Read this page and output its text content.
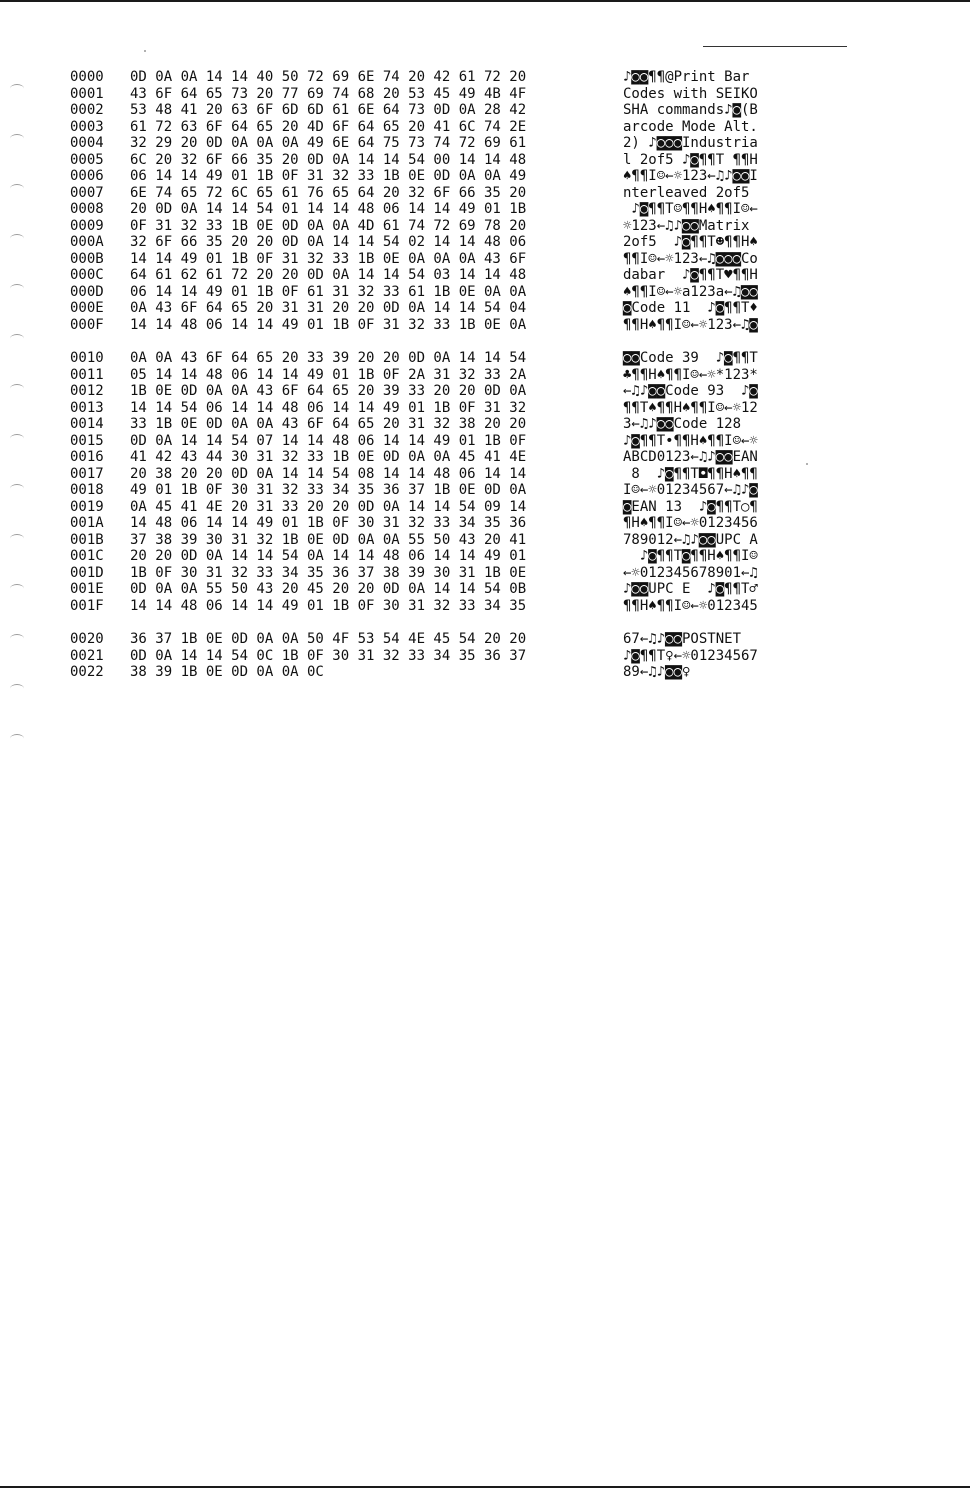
0000 0D 0A 0A 14 14 40 50 72 69 6E 74 20 42 61 72 20	♪◙◙¶¶@Print Bar
0001 43 6F 64 65 73 20 77 69 74 68 20 53 45 49 4B 4F	Codes with SEIKO
0002 53 48 41 20 63 6F 6D 6D 61 6E 64 73 0D 0A 28 42	SHA commands♪◙(B
0003 61 72 63 6F 64 65 20 4D 6F 64 65 20 41 6C 74 2E	arcode Mode Alt.
0004 32 29 20 0D 0A 0A 0A 49 6E 64 75 73 74 72 69 61	2) ♪◙◙◙Industria
0005 6C 20 32 6F 66 35 20 0D 0A 14 14 54 00 14 14 48	l 2of5 ♪◙¶¶T ¶¶H
0006 06 14 14 49 01 1B 0F 31 32 33 1B 0E 0D 0A 0A 49	♠¶¶I☺←☼123←♫♪◙◙I
0007 6E 74 65 72 6C 65 61 76 65 64 20 32 6F 66 35 20	nterleaved 2of5
0008 20 0D 0A 14 14 54 01 14 14 48 06 14 14 49 01 1B	♪◙¶¶T☺¶¶H♠¶¶I☺←
0009 0F 31 32 33 1B 0E 0D 0A 0A 4D 61 74 72 69 78 20	☼123←♫♪◙◙Matrix
000A 32 6F 66 35 20 20 0D 0A 14 14 54 02 14 14 48 06	2of5  ♪◙¶¶T☻¶¶H♠
000B 14 14 49 01 1B 0F 31 32 33 1B 0E 0A 0A 0A 43 6F	¶¶I☺←☼123←♫◙◙◙Co
000C 64 61 62 61 72 20 20 0D 0A 14 14 54 03 14 14 48	dabar  ♪◙¶¶T♥¶¶H
000D 06 14 14 49 01 1B 0F 61 31 32 33 61 1B 0E 0A 0A	♠¶¶I☺←☼a123a←♫◙◙
000E 0A 43 6F 64 65 20 31 31 20 20 0D 0A 14 14 54 04	◙Code 11  ♪◙¶¶T♦
000F 14 14 48 06 14 14 49 01 1B 0F 31 32 33 1B 0E 0A	¶¶H♠¶¶I☺←☼123←♫◙
0010 0A 0A 43 6F 64 65 20 33 39 20 20 0D 0A 14 14 54	◙◙Code 39  ♪◙¶¶T
0011 05 14 14 48 06 14 14 49 01 1B 0F 2A 31 32 33 2A	♣¶¶H♠¶¶I☺←☼*123*
0012 1B 0E 0D 0A 0A 43 6F 64 65 20 39 33 20 20 0D 0A	←♫♪◙◙Code 93  ♪◙
0013 14 14 54 06 14 14 48 06 14 14 49 01 1B 0F 31 32	¶¶T♠¶¶H♠¶¶I☺←☼12
0014 33 1B 0E 0D 0A 0A 43 6F 64 65 20 31 32 38 20 20	3←♫♪◙◙Code 128
0015 0D 0A 14 14 54 07 14 14 48 06 14 14 49 01 1B 0F	♪◙¶¶T•¶¶H♠¶¶I☺←☼
0016 41 42 43 44 30 31 32 33 1B 0E 0D 0A 0A 45 41 4E	ABCD0123←♫♪◙◙EAN
0017 20 38 20 20 0D 0A 14 14 54 08 14 14 48 06 14 14	8  ♪◙¶¶T◘¶¶H♠¶¶
0018 49 01 1B 0F 30 31 32 33 34 35 36 37 1B 0E 0D 0A	I☺←☼01234567←♫♪◙
0019 0A 45 41 4E 20 31 33 20 20 0D 0A 14 14 54 09 14	◙EAN 13  ♪◙¶¶T○¶
001A 14 48 06 14 14 49 01 1B 0F 30 31 32 33 34 35 36	¶H♠¶¶I☺←☼0123456
001B 37 38 39 30 31 32 1B 0E 0D 0A 0A 55 50 43 20 41	789012←♫♪◙◙UPC A
001C 20 20 0D 0A 14 14 54 0A 14 14 48 06 14 14 49 01	♪◙¶¶T◙¶¶H♠¶¶I☺
001D 1B 0F 30 31 32 33 34 35 36 37 38 39 30 31 1B 0E	←☼012345678901←♫
001E 0D 0A 0A 55 50 43 20 45 20 20 0D 0A 14 14 54 0B	♪◙◙UPC E  ♪◙¶¶T♂
001F 14 14 48 06 14 14 49 01 1B 0F 30 31 32 33 34 35	¶¶H♠¶¶I☺←☼012345
0020 36 37 1B 0E 0D 0A 0A 50 4F 53 54 4E 45 54 20 20	67←♫♪◙◙POSTNET
0021 0D 0A 14 14 54 0C 1B 0F 30 31 32 33 34 35 36 37	♪◙¶¶T♀←☼01234567
0022 38 39 1B 0E 0D 0A 0A 0C	89←♫♪◙◙♀
